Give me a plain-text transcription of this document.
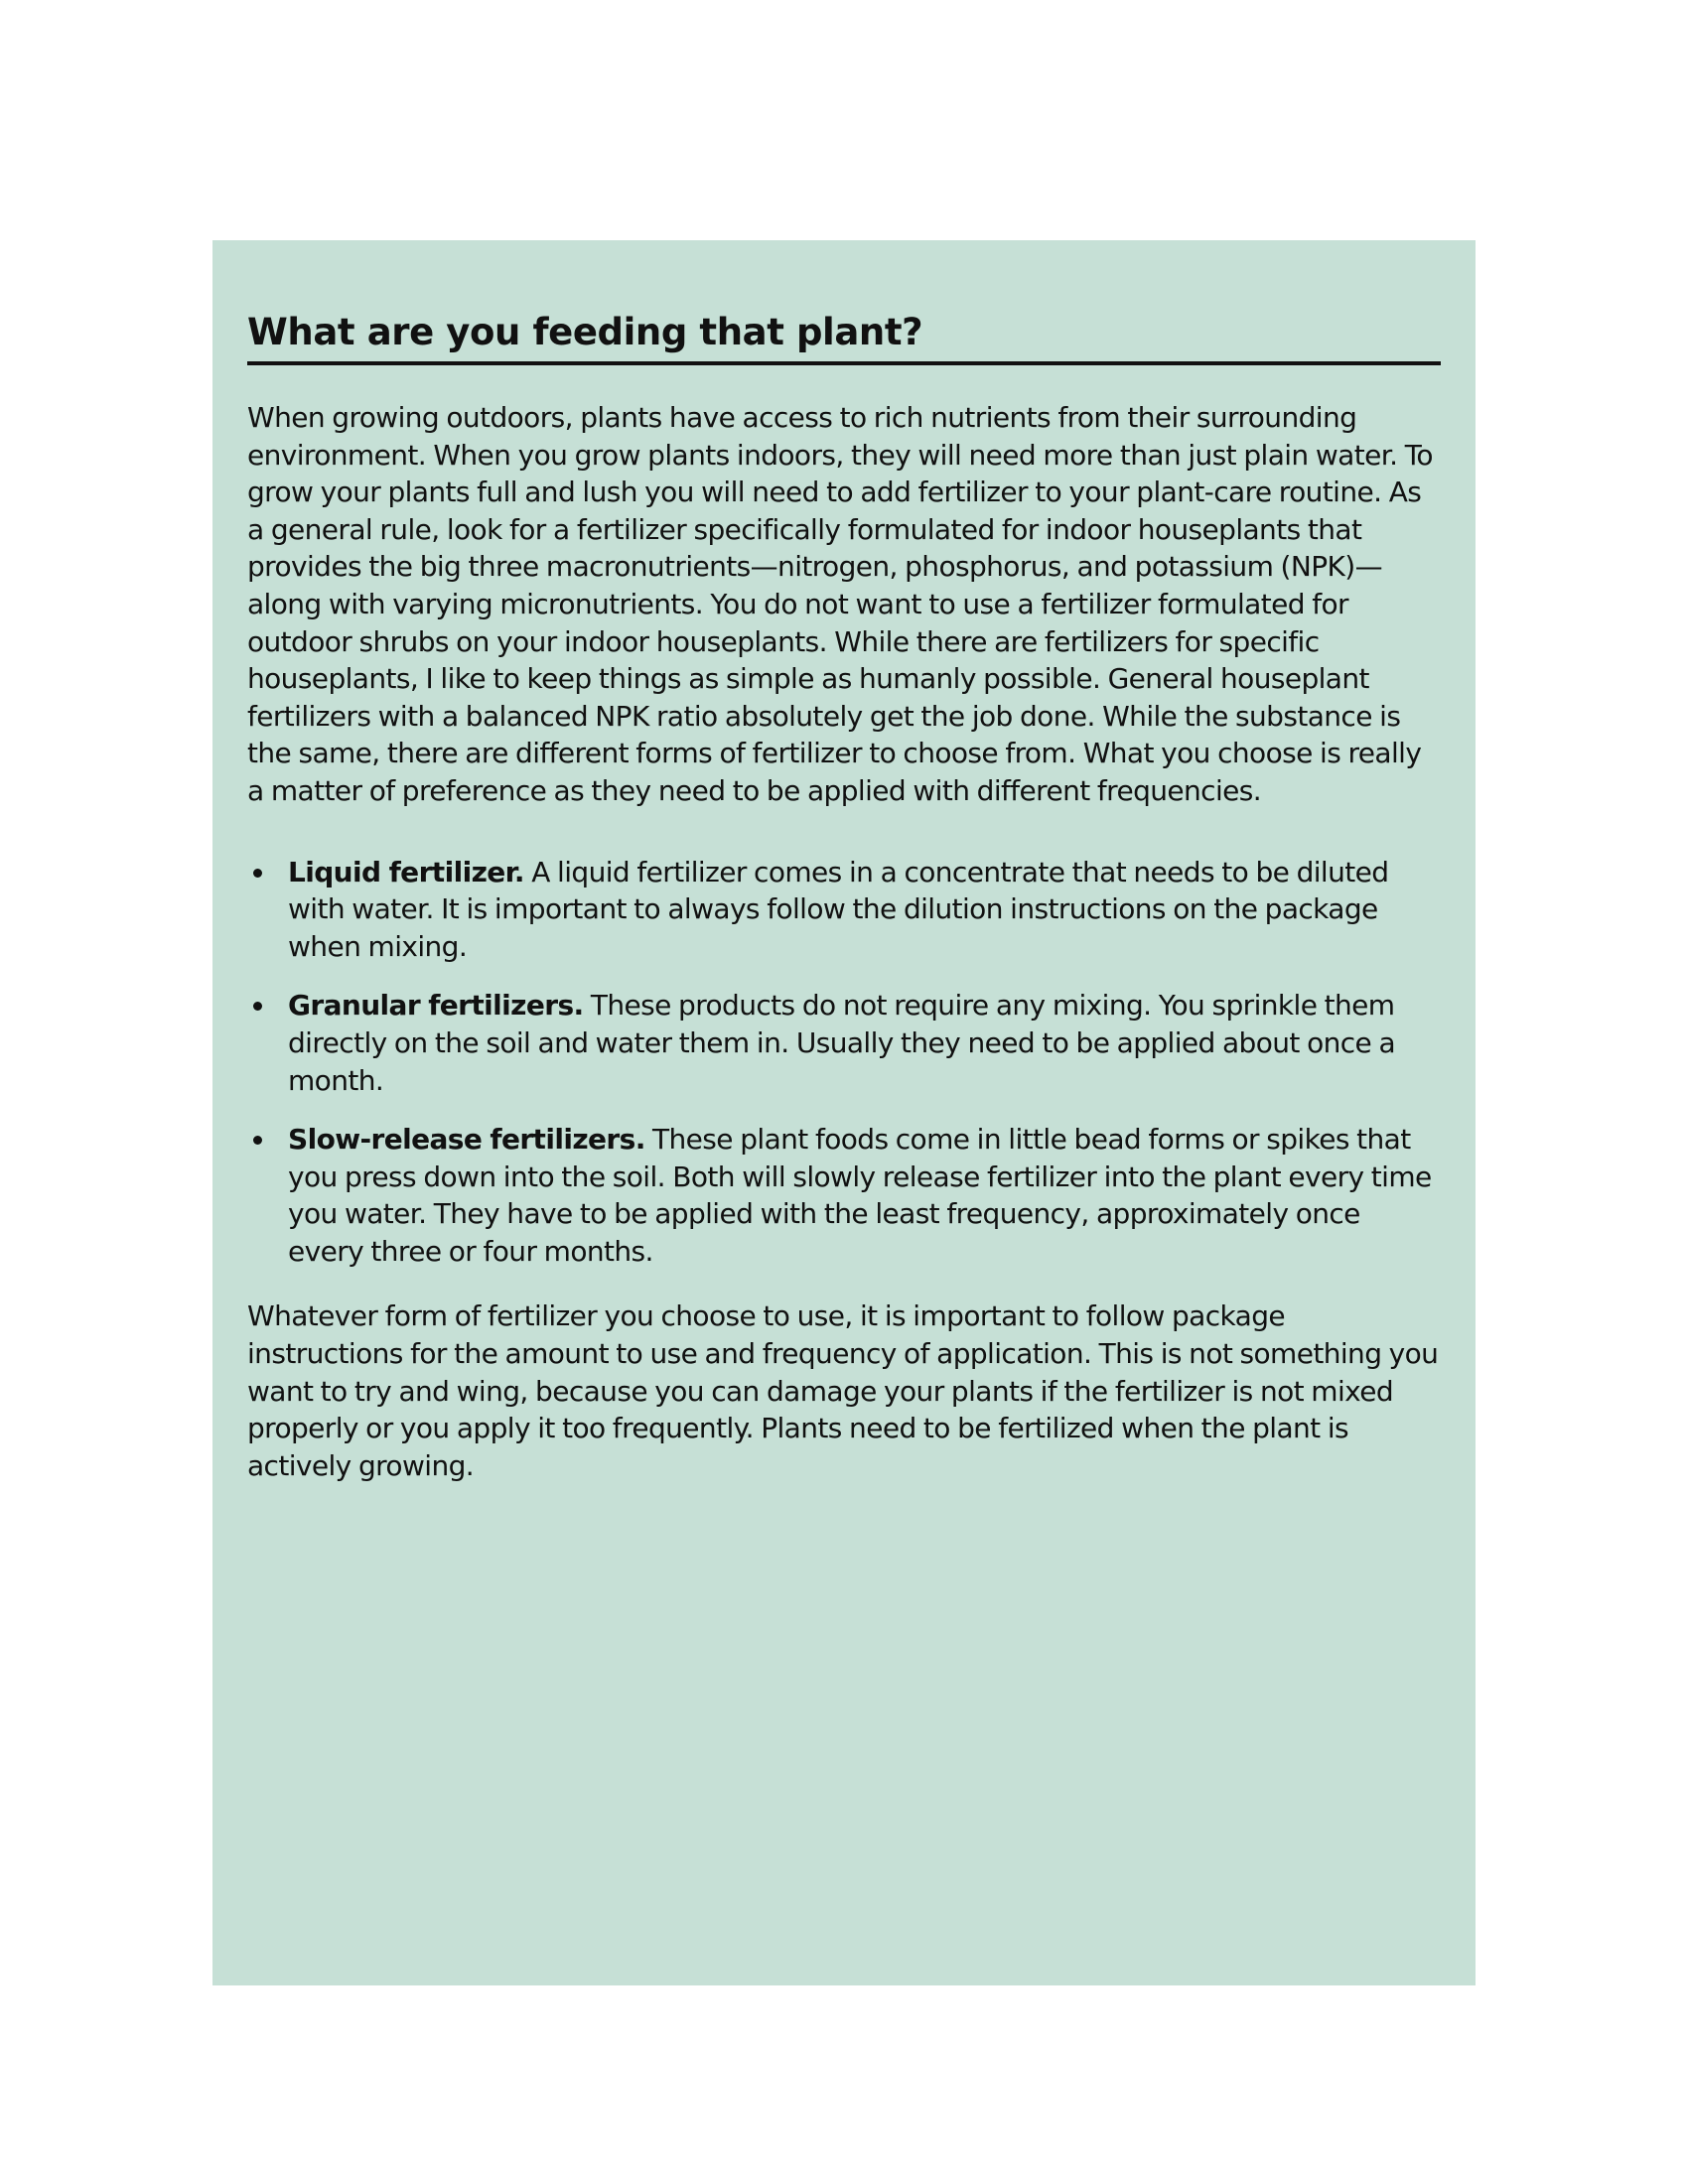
What are you feeding that plant?

When growing outdoors, plants have access to rich nutrients from their surrounding environment. When you grow plants indoors, they will need more than just plain water. To grow your plants full and lush you will need to add fertilizer to your plant-care routine. As a general rule, look for a fertilizer specifically formulated for indoor houseplants that provides the big three macronutrients—nitrogen, phosphorus, and potassium (NPK)—along with varying micronutrients. You do not want to use a fertilizer formulated for outdoor shrubs on your indoor houseplants. While there are fertilizers for specific houseplants, I like to keep things as simple as humanly possible. General houseplant fertilizers with a balanced NPK ratio absolutely get the job done. While the substance is the same, there are different forms of fertilizer to choose from. What you choose is really a matter of preference as they need to be applied with different frequencies.

Liquid fertilizer. A liquid fertilizer comes in a concentrate that needs to be diluted with water. It is important to always follow the dilution instructions on the package when mixing.
Granular fertilizers. These products do not require any mixing. You sprinkle them directly on the soil and water them in. Usually they need to be applied about once a month.
Slow-release fertilizers. These plant foods come in little bead forms or spikes that you press down into the soil. Both will slowly release fertilizer into the plant every time you water. They have to be applied with the least frequency, approximately once every three or four months.

Whatever form of fertilizer you choose to use, it is important to follow package instructions for the amount to use and frequency of application. This is not something you want to try and wing, because you can damage your plants if the fertilizer is not mixed properly or you apply it too frequently. Plants need to be fertilized when the plant is actively growing.
